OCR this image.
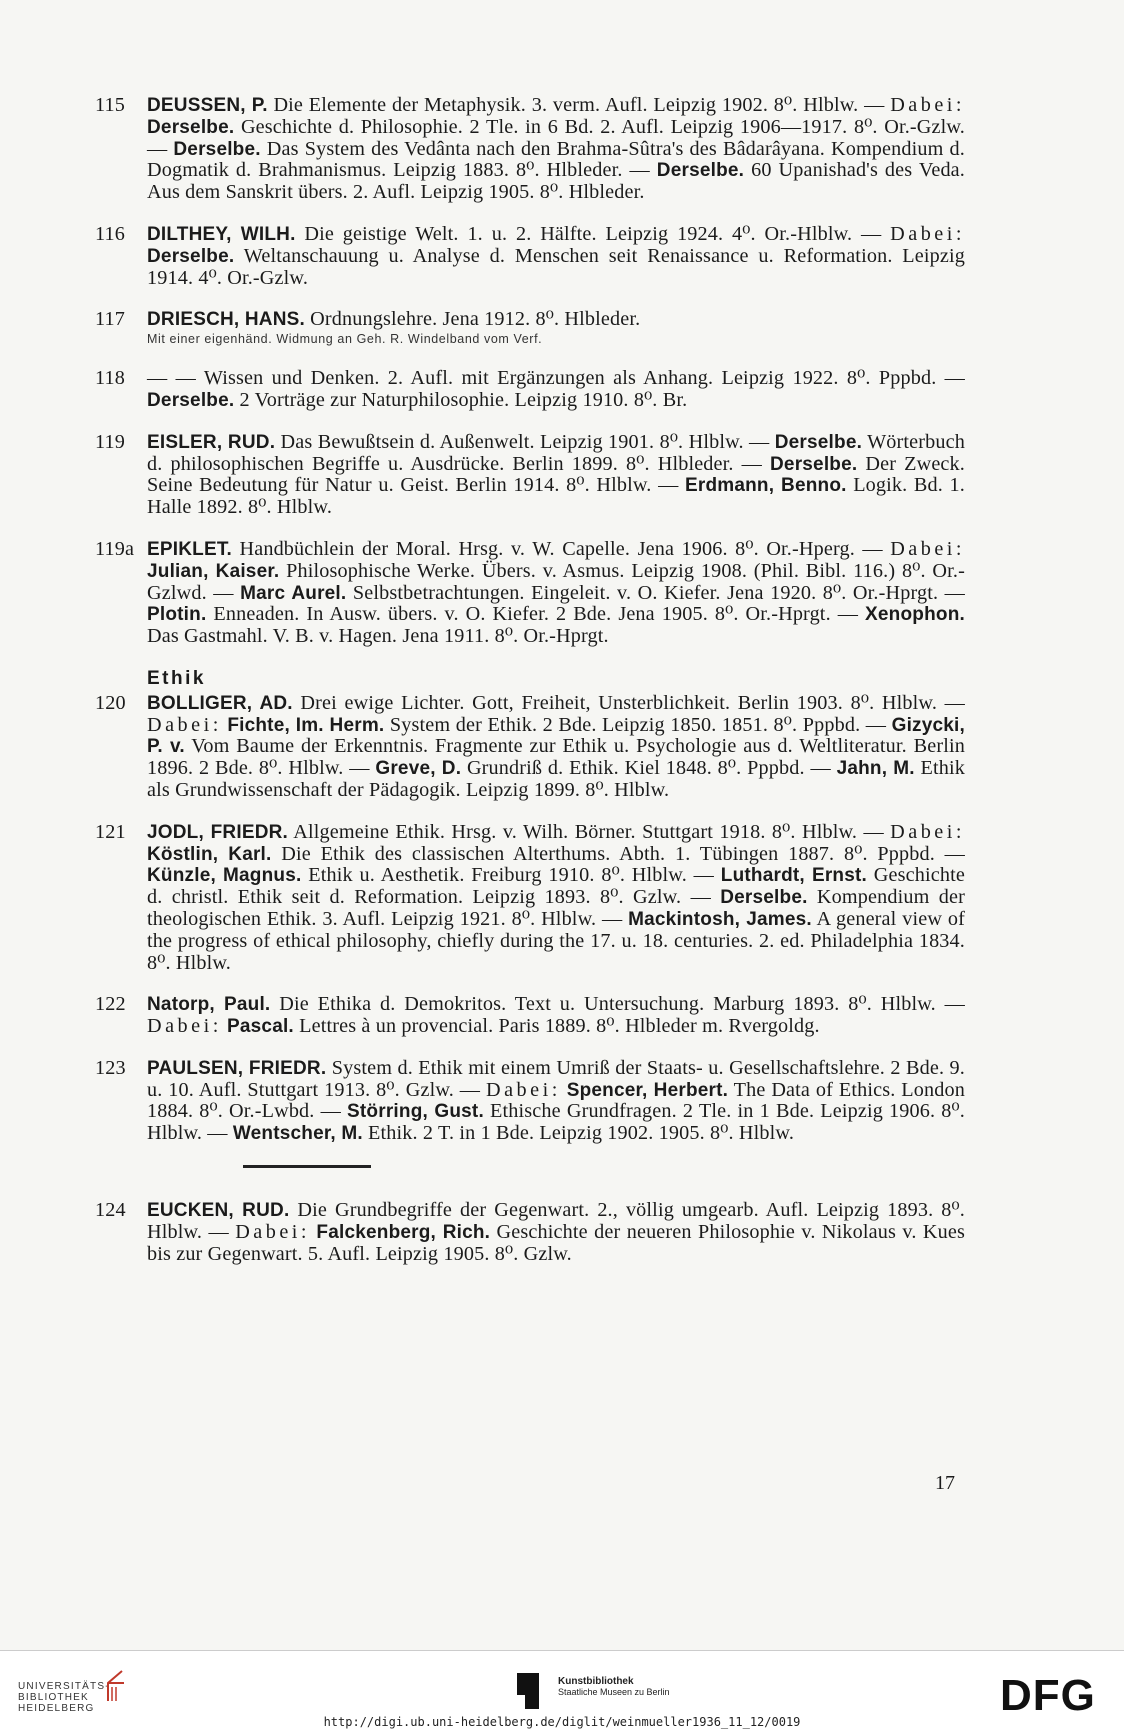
115	DEUSSEN, P. Die Elemente der Metaphysik. 3. verm. Aufl. Leipzig 1902. 8⁰. Hlblw. — Dabei: Derselbe. Geschichte d. Philosophie. 2 Tle. in 6 Bd. 2. Aufl. Leipzig 1906—1917. 8⁰. Or.-Gzlw. — Derselbe. Das System des Vedânta nach den Brahma-Sûtra's des Bâdarâyana. Kompendium d. Dogmatik d. Brahmanismus. Leipzig 1883. 8⁰. Hlbleder. — Derselbe. 60 Upanishad's des Veda. Aus dem Sanskrit übers. 2. Aufl. Leipzig 1905. 8⁰. Hlbleder.
116	DILTHEY, WILH. Die geistige Welt. 1. u. 2. Hälfte. Leipzig 1924. 4⁰. Or.-Hlblw. — Dabei: Derselbe. Weltanschauung u. Analyse d. Menschen seit Renaissance u. Reformation. Leipzig 1914. 4⁰. Or.-Gzlw.
117	DRIESCH, HANS. Ordnungslehre. Jena 1912. 8⁰. Hlbleder.
Mit einer eigenhänd. Widmung an Geh. R. Windelband vom Verf.
118	— — Wissen und Denken. 2. Aufl. mit Ergänzungen als Anhang. Leipzig 1922. 8⁰. Pppbd. — Derselbe. 2 Vorträge zur Naturphilosophie. Leipzig 1910. 8⁰. Br.
119	EISLER, RUD. Das Bewußtsein d. Außenwelt. Leipzig 1901. 8⁰. Hlblw. — Derselbe. Wörterbuch d. philosophischen Begriffe u. Ausdrücke. Berlin 1899. 8⁰. Hlbleder. — Derselbe. Der Zweck. Seine Bedeutung für Natur u. Geist. Berlin 1914. 8⁰. Hlblw. — Erdmann, Benno. Logik. Bd. 1. Halle 1892. 8⁰. Hlblw.
119a EPIKLET. Handbüchlein der Moral. Hrsg. v. W. Capelle. Jena 1906. 8⁰. Or.-Hperg. — Dabei: Julian, Kaiser. Philosophische Werke. Übers. v. Asmus. Leipzig 1908. (Phil. Bibl. 116.) 8⁰. Or.-Gzlwd. — Marc Aurel. Selbstbetrachtungen. Eingeleit. v. O. Kiefer. Jena 1920. 8⁰. Or.-Hprgt. — Plotin. Enneaden. In Ausw. übers. v. O. Kiefer. 2 Bde. Jena 1905. 8⁰. Or.-Hprgt. — Xenophon. Das Gastmahl. V. B. v. Hagen. Jena 1911. 8⁰. Or.-Hprgt.
Ethik
120	BOLLIGER, AD. Drei ewige Lichter. Gott, Freiheit, Unsterblichkeit. Berlin 1903. 8⁰. Hlblw. — Dabei: Fichte, Im. Herm. System der Ethik. 2 Bde. Leipzig 1850. 1851. 8⁰. Pppbd. — Gizycki, P. v. Vom Baume der Erkenntnis. Fragmente zur Ethik u. Psychologie aus d. Weltliteratur. Berlin 1896. 2 Bde. 8⁰. Hlblw. — Greve, D. Grundriß d. Ethik. Kiel 1848. 8⁰. Pppbd. — Jahn, M. Ethik als Grundwissenschaft der Pädagogik. Leipzig 1899. 8⁰. Hlblw.
121	JODL, FRIEDR. Allgemeine Ethik. Hrsg. v. Wilh. Börner. Stuttgart 1918. 8⁰. Hlblw. — Dabei: Köstlin, Karl. Die Ethik des classischen Alterthums. Abth. 1. Tübingen 1887. 8⁰. Pppbd. — Künzle, Magnus. Ethik u. Aesthetik. Freiburg 1910. 8⁰. Hlblw. — Luthardt, Ernst. Geschichte d. christl. Ethik seit d. Reformation. Leipzig 1893. 8⁰. Gzlw. — Derselbe. Kompendium der theologischen Ethik. 3. Aufl. Leipzig 1921. 8⁰. Hlblw. — Mackintosh, James. A general view of the progress of ethical philosophy, chiefly during the 17. u. 18. centuries. 2. ed. Philadelphia 1834. 8⁰. Hlblw.
122	Natorp, Paul. Die Ethika d. Demokritos. Text u. Untersuchung. Marburg 1893. 8⁰. Hlblw. — Dabei: Pascal. Lettres à un provencial. Paris 1889. 8⁰. Hlbleder m. Rvergoldg.
123	PAULSEN, FRIEDR. System d. Ethik mit einem Umriß der Staats- u. Gesellschaftslehre. 2 Bde. 9. u. 10. Aufl. Stuttgart 1913. 8⁰. Gzlw. — Dabei: Spencer, Herbert. The Data of Ethics. London 1884. 8⁰. Or.-Lwbd. — Störring, Gust. Ethische Grundfragen. 2 Tle. in 1 Bde. Leipzig 1906. 8⁰. Hlblw. — Wentscher, M. Ethik. 2 T. in 1 Bde. Leipzig 1902. 1905. 8⁰. Hlblw.
124	EUCKEN, RUD. Die Grundbegriffe der Gegenwart. 2., völlig umgearb. Aufl. Leipzig 1893. 8⁰. Hlblw. — Dabei: Falckenberg, Rich. Geschichte der neueren Philosophie v. Nikolaus v. Kues bis zur Gegenwart. 5. Aufl. Leipzig 1905. 8⁰. Gzlw.
17
UNIVERSITÄTS-
BIBLIOTHEK
HEIDELBERG
Kunstbibliothek
Staatliche Museen zu Berlin	DFG
http://digi.ub.uni-heidelberg.de/diglit/weinmueller1936_11_12/0019
